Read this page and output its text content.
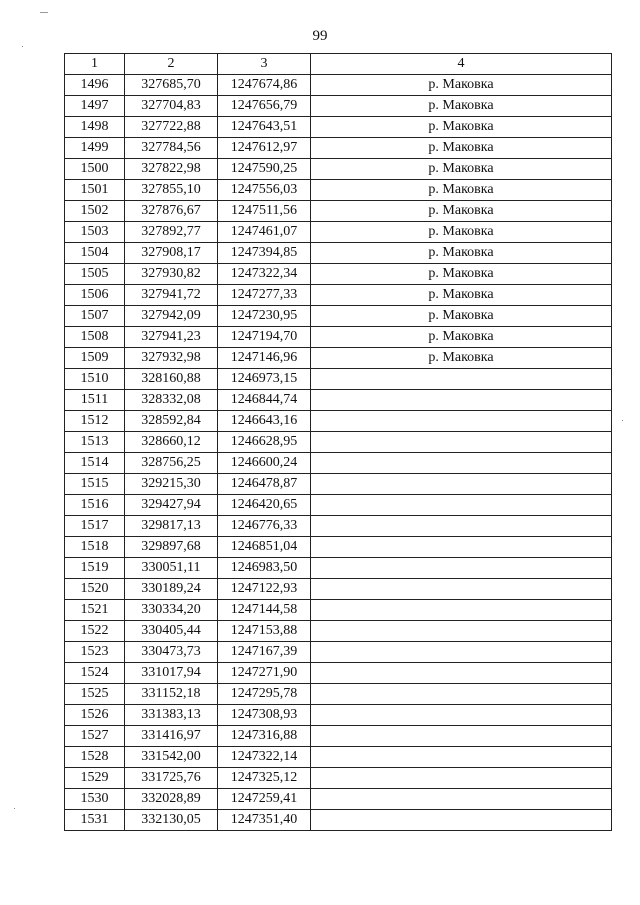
99
1	2	3	4
1496	327685,70	1247674,86	р. Маковка
1497	327704,83	1247656,79	р. Маковка
1498	327722,88	1247643,51	р. Маковка
1499	327784,56	1247612,97	р. Маковка
1500	327822,98	1247590,25	р. Маковка
1501	327855,10	1247556,03	р. Маковка
1502	327876,67	1247511,56	р. Маковка
1503	327892,77	1247461,07	р. Маковка
1504	327908,17	1247394,85	р. Маковка
1505	327930,82	1247322,34	р. Маковка
1506	327941,72	1247277,33	р. Маковка
1507	327942,09	1247230,95	р. Маковка
1508	327941,23	1247194,70	р. Маковка
1509	327932,98	1247146,96	р. Маковка
1510	328160,88	1246973,15	
1511	328332,08	1246844,74	
1512	328592,84	1246643,16	
1513	328660,12	1246628,95	
1514	328756,25	1246600,24	
1515	329215,30	1246478,87	
1516	329427,94	1246420,65	
1517	329817,13	1246776,33	
1518	329897,68	1246851,04	
1519	330051,11	1246983,50	
1520	330189,24	1247122,93	
1521	330334,20	1247144,58	
1522	330405,44	1247153,88	
1523	330473,73	1247167,39	
1524	331017,94	1247271,90	
1525	331152,18	1247295,78	
1526	331383,13	1247308,93	
1527	331416,97	1247316,88	
1528	331542,00	1247322,14	
1529	331725,76	1247325,12	
1530	332028,89	1247259,41	
1531	332130,05	1247351,40	
